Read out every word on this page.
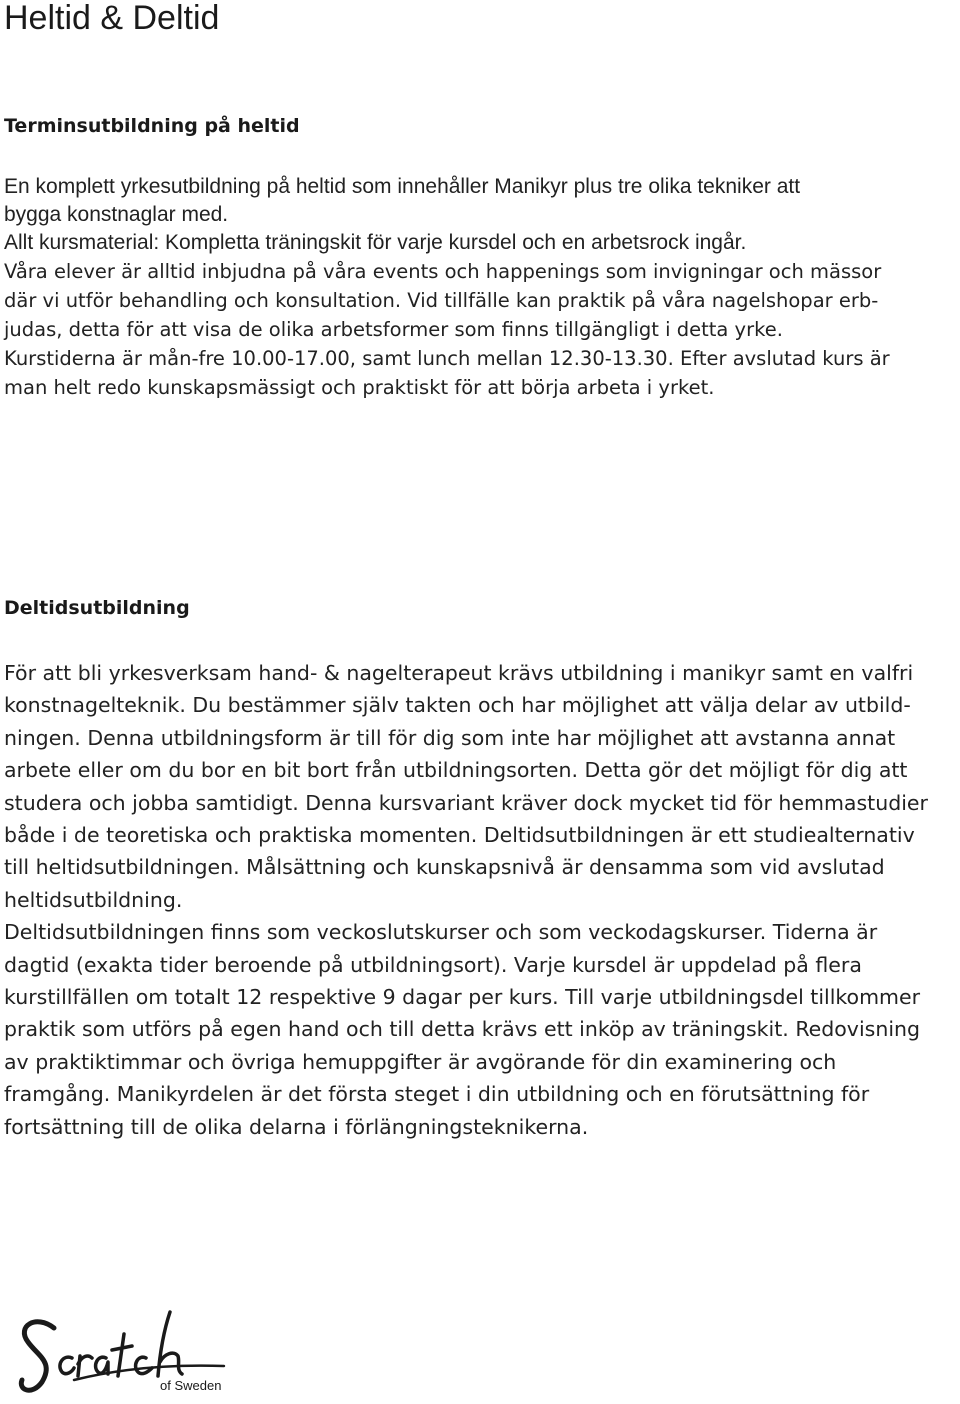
Heltid & Deltid
Terminsutbildning på heltid
En komplett yrkesutbildning på heltid som innehåller Manikyr plus tre olika tekniker att
bygga konstnaglar med.
Allt kursmaterial: Kompletta träningskit för varje kursdel och en arbetsrock ingår.
Våra elever är alltid inbjudna på våra events och happenings som invigningar och mässor
där vi utför behandling och konsultation. Vid tillfälle kan praktik på våra nagelshopar erb-
judas, detta för att visa de olika arbetsformer som finns tillgängligt i detta yrke.
Kurstiderna är mån-fre 10.00-17.00, samt lunch mellan 12.30-13.30. Efter avslutad kurs är
man helt redo kunskapsmässigt och praktiskt för att börja arbeta i yrket.
Deltidsutbildning
För att bli yrkesverksam hand- & nagelterapeut krävs utbildning i manikyr samt en valfri
konstnagelteknik. Du bestämmer själv takten och har möjlighet att välja delar av utbild-
ningen. Denna utbildningsform är till för dig som inte har möjlighet att avstanna annat
arbete eller om du bor en bit bort från utbildningsorten. Detta gör det möjligt för dig att
studera och jobba samtidigt. Denna kursvariant kräver dock mycket tid för hemmastudier
både i de teoretiska och praktiska momenten. Deltidsutbildningen är ett studiealternativ
till heltidsutbildningen. Målsättning och kunskapsnivå är densamma som vid avslutad
heltidsutbildning.
Deltidsutbildningen finns som veckoslutskurser och som veckodagskurser. Tiderna är
dagtid (exakta tider beroende på utbildningsort). Varje kursdel är uppdelad på flera
kurstillfällen om totalt 12 respektive 9 dagar per kurs. Till varje utbildningsdel tillkommer
praktik som utförs på egen hand och till detta krävs ett inköp av träningskit. Redovisning
av praktiktimmar och övriga hemuppgifter är avgörande för din examinering och
framgång. Manikyrdelen är det första steget i din utbildning och en förutsättning för
fortsättning till de olika delarna i förlängningsteknikerna.
of Sweden
